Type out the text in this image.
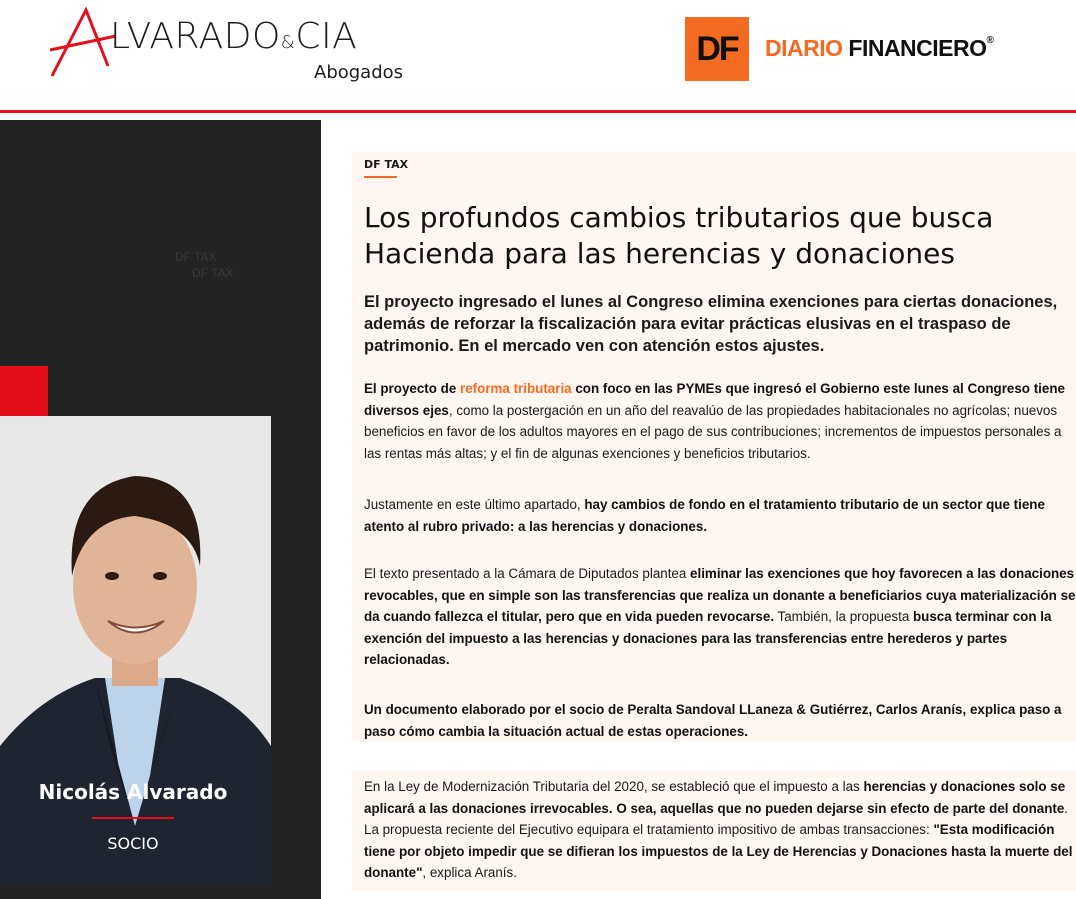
LVARADO&CIA
Abogados
DF	DIARIO FINANCIERO®
DF TAX
DF TAX
Nicolás Alvarado
SOCIO
DF TAX
Los profundos cambios tributarios que busca Hacienda para las herencias y donaciones

El proyecto ingresado el lunes al Congreso elimina exenciones para ciertas donaciones, además de reforzar la fiscalización para evitar prácticas elusivas en el traspaso de patrimonio. En el mercado ven con atención estos ajustes.

El proyecto de reforma tributaria con foco en las PYMEs que ingresó el Gobierno este lunes al Congreso tiene diversos ejes, como la postergación en un año del reavalúo de las propiedades habitacionales no agrícolas; nuevos beneficios en favor de los adultos mayores en el pago de sus contribuciones; incrementos de impuestos personales a las rentas más altas; y el fin de algunas exenciones y beneficios tributarios.

Justamente en este último apartado, hay cambios de fondo en el tratamiento tributario de un sector que tiene atento al rubro privado: a las herencias y donaciones.

El texto presentado a la Cámara de Diputados plantea eliminar las exenciones que hoy favorecen a las donaciones revocables, que en simple son las transferencias que realiza un donante a beneficiarios cuya materialización se da cuando fallezca el titular, pero que en vida pueden revocarse. También, la propuesta busca terminar con la exención del impuesto a las herencias y donaciones para las transferencias entre herederos y partes relacionadas.

Un documento elaborado por el socio de Peralta Sandoval LLaneza & Gutiérrez, Carlos Aranís, explica paso a paso cómo cambia la situación actual de estas operaciones.

En la Ley de Modernización Tributaria del 2020, se estableció que el impuesto a las herencias y donaciones solo se aplicará a las donaciones irrevocables. O sea, aquellas que no pueden dejarse sin efecto de parte del donante. La propuesta reciente del Ejecutivo equipara el tratamiento impositivo de ambas transacciones: "Esta modificación tiene por objeto impedir que se difieran los impuestos de la Ley de Herencias y Donaciones hasta la muerte del donante", explica Aranís.
